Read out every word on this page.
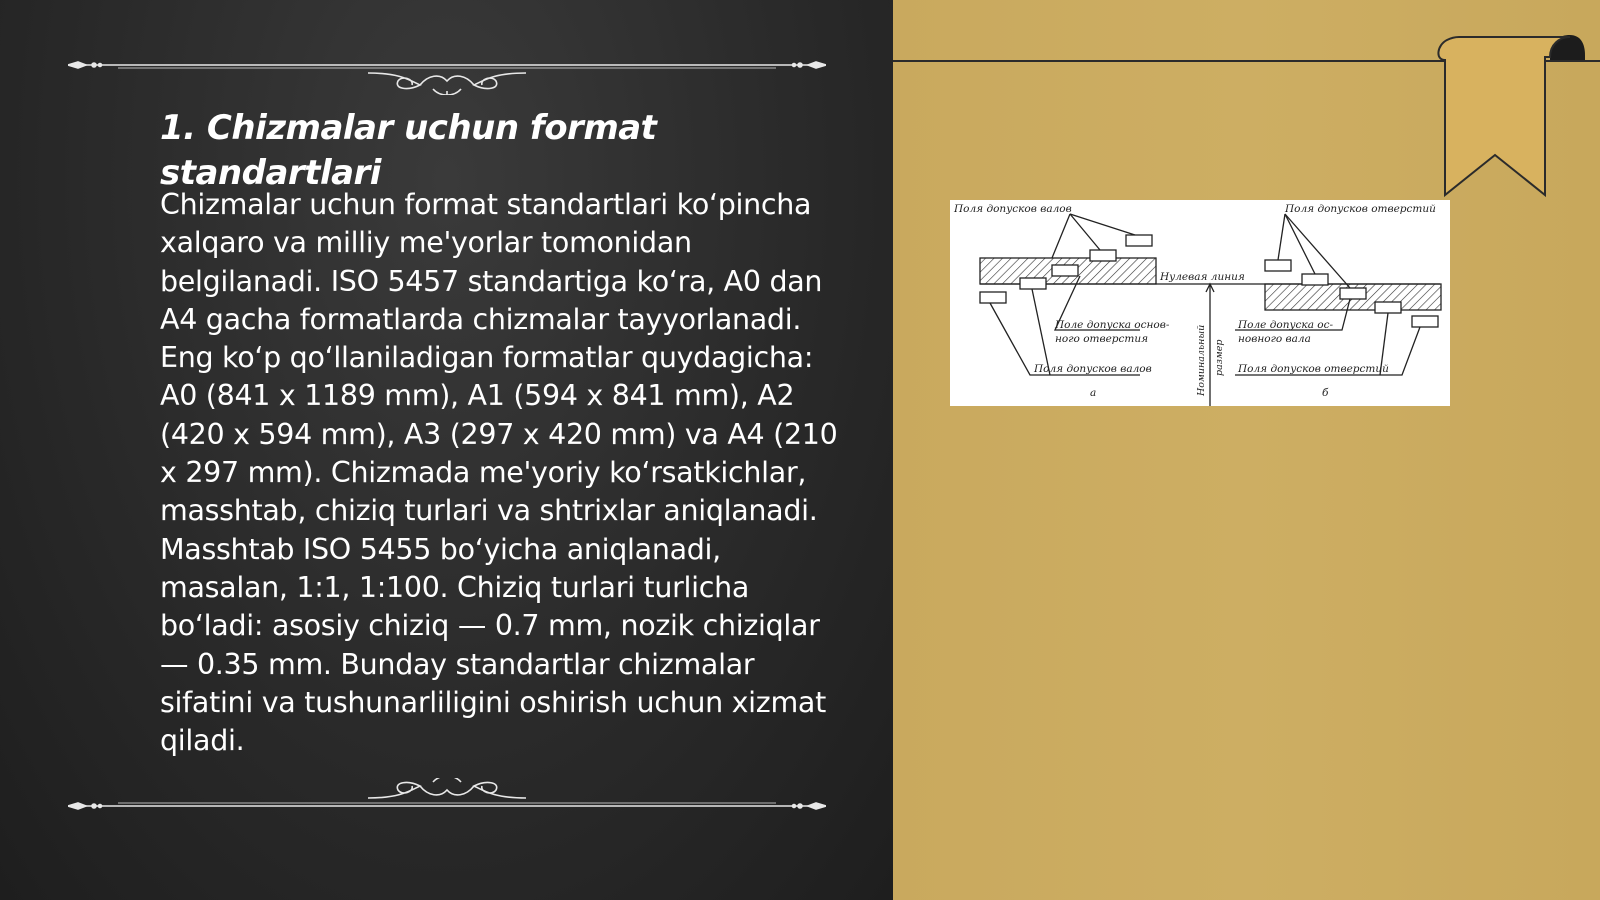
1. Chizmalar uchun format standartlari

Chizmalar uchun format standartlari ko‘pincha xalqaro va milliy me'yorlar tomonidan belgilanadi. ISO 5457 standartiga ko‘ra, A0 dan A4 gacha formatlarda chizmalar tayyorlanadi. Eng ko‘p qo‘llaniladigan formatlar quydagicha: A0 (841 x 1189 mm), A1 (594 x 841 mm), A2 (420 x 594 mm), A3 (297 x 420 mm) va A4 (210 x 297 mm). Chizmada me'yoriy ko‘rsatkichlar, masshtab, chiziq turlari va shtrixlar aniqlanadi. Masshtab ISO 5455 bo‘yicha aniqlanadi, masalan, 1:1, 1:100. Chiziq turlari turlicha bo‘ladi: asosiy chiziq — 0.7 mm, nozik chiziqlar — 0.35 mm. Bunday standartlar chizmalar sifatini va tushunarliligini oshirish uchun xizmat qiladi.

Поля допусков валов	Поля допусков отверстий
Нулевая линия
Поле допуска основ-
ного отверстия
Поле допуска ос-
новного вала
Поля допусков валов	Поля допусков отверстий
а	б
Номинальный размер
